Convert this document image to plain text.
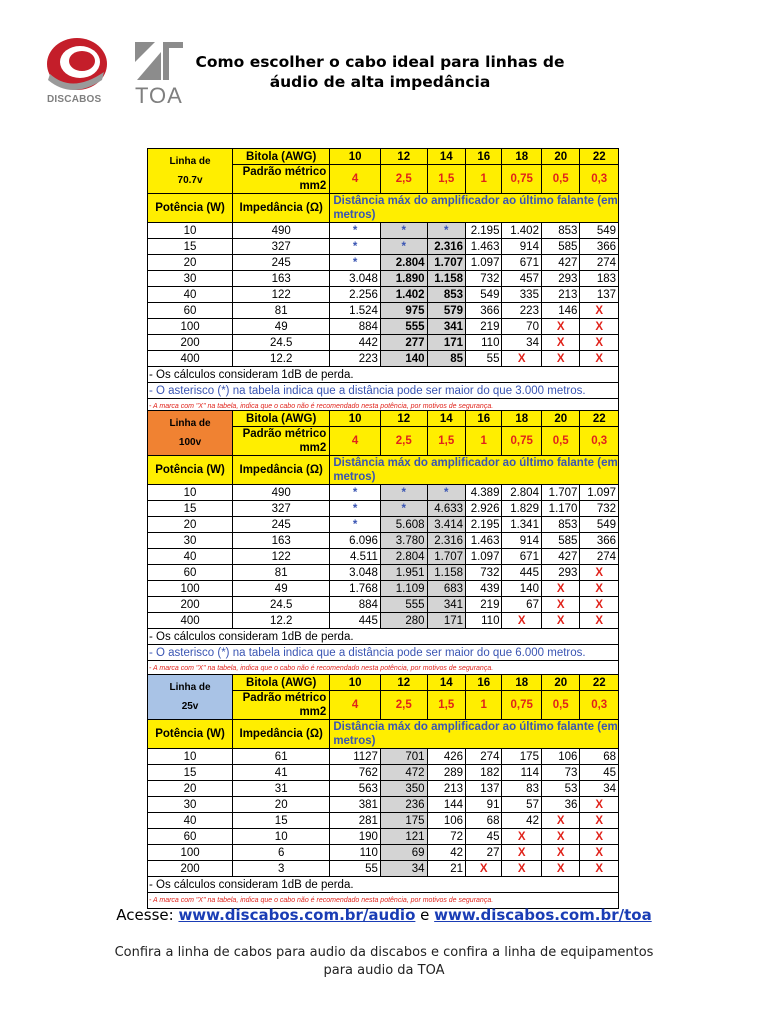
DISCABOS TOA
Como escolher o cabo ideal para linhas de
áudio de alta impedância
Linha de
70.7v	Bitola (AWG)	10	12	14	16	18	20	22

	Padrão métrico
mm2	4	2,5	1,5	1	0,75	0,5	0,3
Potência (W)	Impedância (Ω)	Distância máx do amplificador ao último falante (em metros)						
10	490	*	*	*	2.195	1.402	853	549
15	327	*	*	2.316	1.463	914	585	366
20	245	*	2.804	1.707	1.097	671	427	274
30	163	3.048	1.890	1.158	732	457	293	183
40	122	2.256	1.402	853	549	335	213	137
60	81	1.524	975	579	366	223	146	X
100	49	884	555	341	219	70	X	X
200	24.5	442	277	171	110	34	X	X
400	12.2	223	140	85	55	X	X	X
- Os cálculos consideram 1dB de perda.								
- O asterisco (*) na tabela indica que a distância pode ser maior do que 3.000 metros.								
- A marca com "X" na tabela, indica que o cabo não é recomendado nesta potência, por motivos de segurança.								
Linha de
100v	Bitola (AWG)	10	12	14	16	18	20	22

	Padrão métrico
mm2	4	2,5	1,5	1	0,75	0,5	0,3
Potência (W)	Impedância (Ω)	Distância máx do amplificador ao último falante (em metros)						
10	490	*	*	*	4.389	2.804	1.707	1.097
15	327	*	*	4.633	2.926	1.829	1.170	732
20	245	*	5.608	3.414	2.195	1.341	853	549
30	163	6.096	3.780	2.316	1.463	914	585	366
40	122	4.511	2.804	1.707	1.097	671	427	274
60	81	3.048	1.951	1.158	732	445	293	X
100	49	1.768	1.109	683	439	140	X	X
200	24.5	884	555	341	219	67	X	X
400	12.2	445	280	171	110	X	X	X
- Os cálculos consideram 1dB de perda.								
- O asterisco (*) na tabela indica que a distância pode ser maior do que 6.000 metros.								
- A marca com "X" na tabela, indica que o cabo não é recomendado nesta potência, por motivos de segurança.								
Linha de
25v	Bitola (AWG)	10	12	14	16	18	20	22

	Padrão métrico
mm2	4	2,5	1,5	1	0,75	0,5	0,3
Potência (W)	Impedância (Ω)	Distância máx do amplificador ao último falante (em metros)						
10	61	1127	701	426	274	175	106	68
15	41	762	472	289	182	114	73	45
20	31	563	350	213	137	83	53	34
30	20	381	236	144	91	57	36	X
40	15	281	175	106	68	42	X	X
60	10	190	121	72	45	X	X	X
100	6	110	69	42	27	X	X	X
200	3	55	34	21	X	X	X	X
- Os cálculos consideram 1dB de perda.								
- A marca com "X" na tabela, indica que o cabo não é recomendado nesta potência, por motivos de segurança.								
Acesse: www.discabos.com.br/audio e www.discabos.com.br/toa
Confira a linha de cabos para audio da discabos e confira a linha de equipamentos
para audio da TOA
